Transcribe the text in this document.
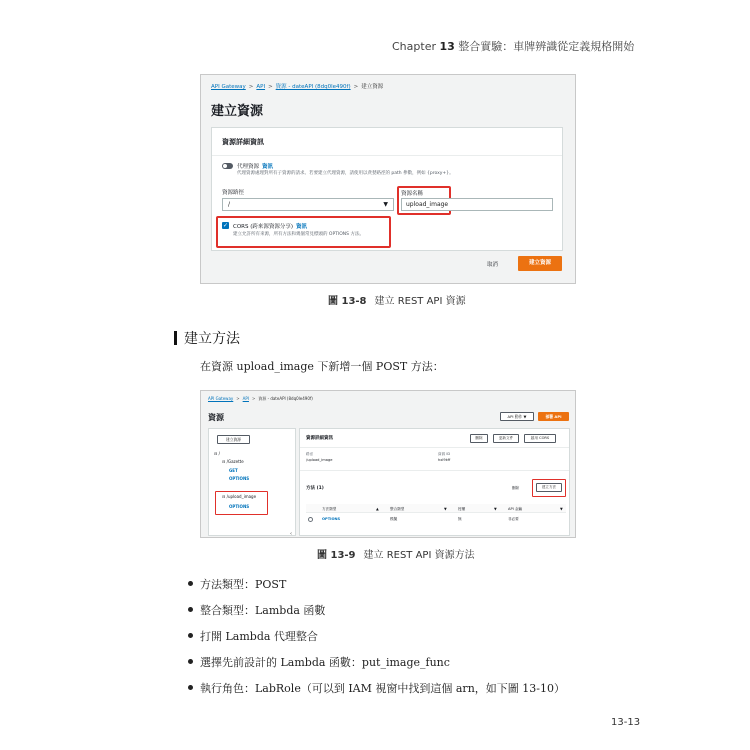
Chapter 13 整合實驗：車牌辨識從定義規格開始
API Gateway > API > 資源 - dateAPI (8dq0le490f) > 建立資源
建立資源
資源詳細資訊
代理資源 資訊
代理資源處理對所有子資源的請求。若要建立代理資源，請使用以貪婪路徑的 path 參數，例如 {proxy+}。
資源路徑
/	▼
資源名稱
upload_image
✓ CORS (跨來源資源分享) 資訊
建立允許所有來源，所有方法和幾個常見標頭的 OPTIONS 方法。
取消	建立資源
圖 13-8 建立 REST API 資源
建立方法
在資源 upload_image 下新增一個 POST 方法：
API Gateway > API > 資源 - dateAPI (8dq0le490f)
資源	API 動作 ▼	部署 API
建立資源
⊟ /
⊟ /Gazette
GET
OPTIONS
⊟ /upload_image
OPTIONS
‹
資源詳細資訊	刪除	更新文件	啟用 CORS
路徑
/upload_image
資源 ID
hxl9kff
方法 (1)	刪除	建立方法
方法類型	▲	整合類型	▼	授權	▼	API 金鑰	▼
OPTIONS	模擬	無	非必要
圖 13-9 建立 REST API 資源方法
方法類型：POST
整合類型：Lambda 函數
打開 Lambda 代理整合
選擇先前設計的 Lambda 函數：put_image_func
執行角色：LabRole（可以到 IAM 視窗中找到這個 arn，如下圖 13-10）
13-13
